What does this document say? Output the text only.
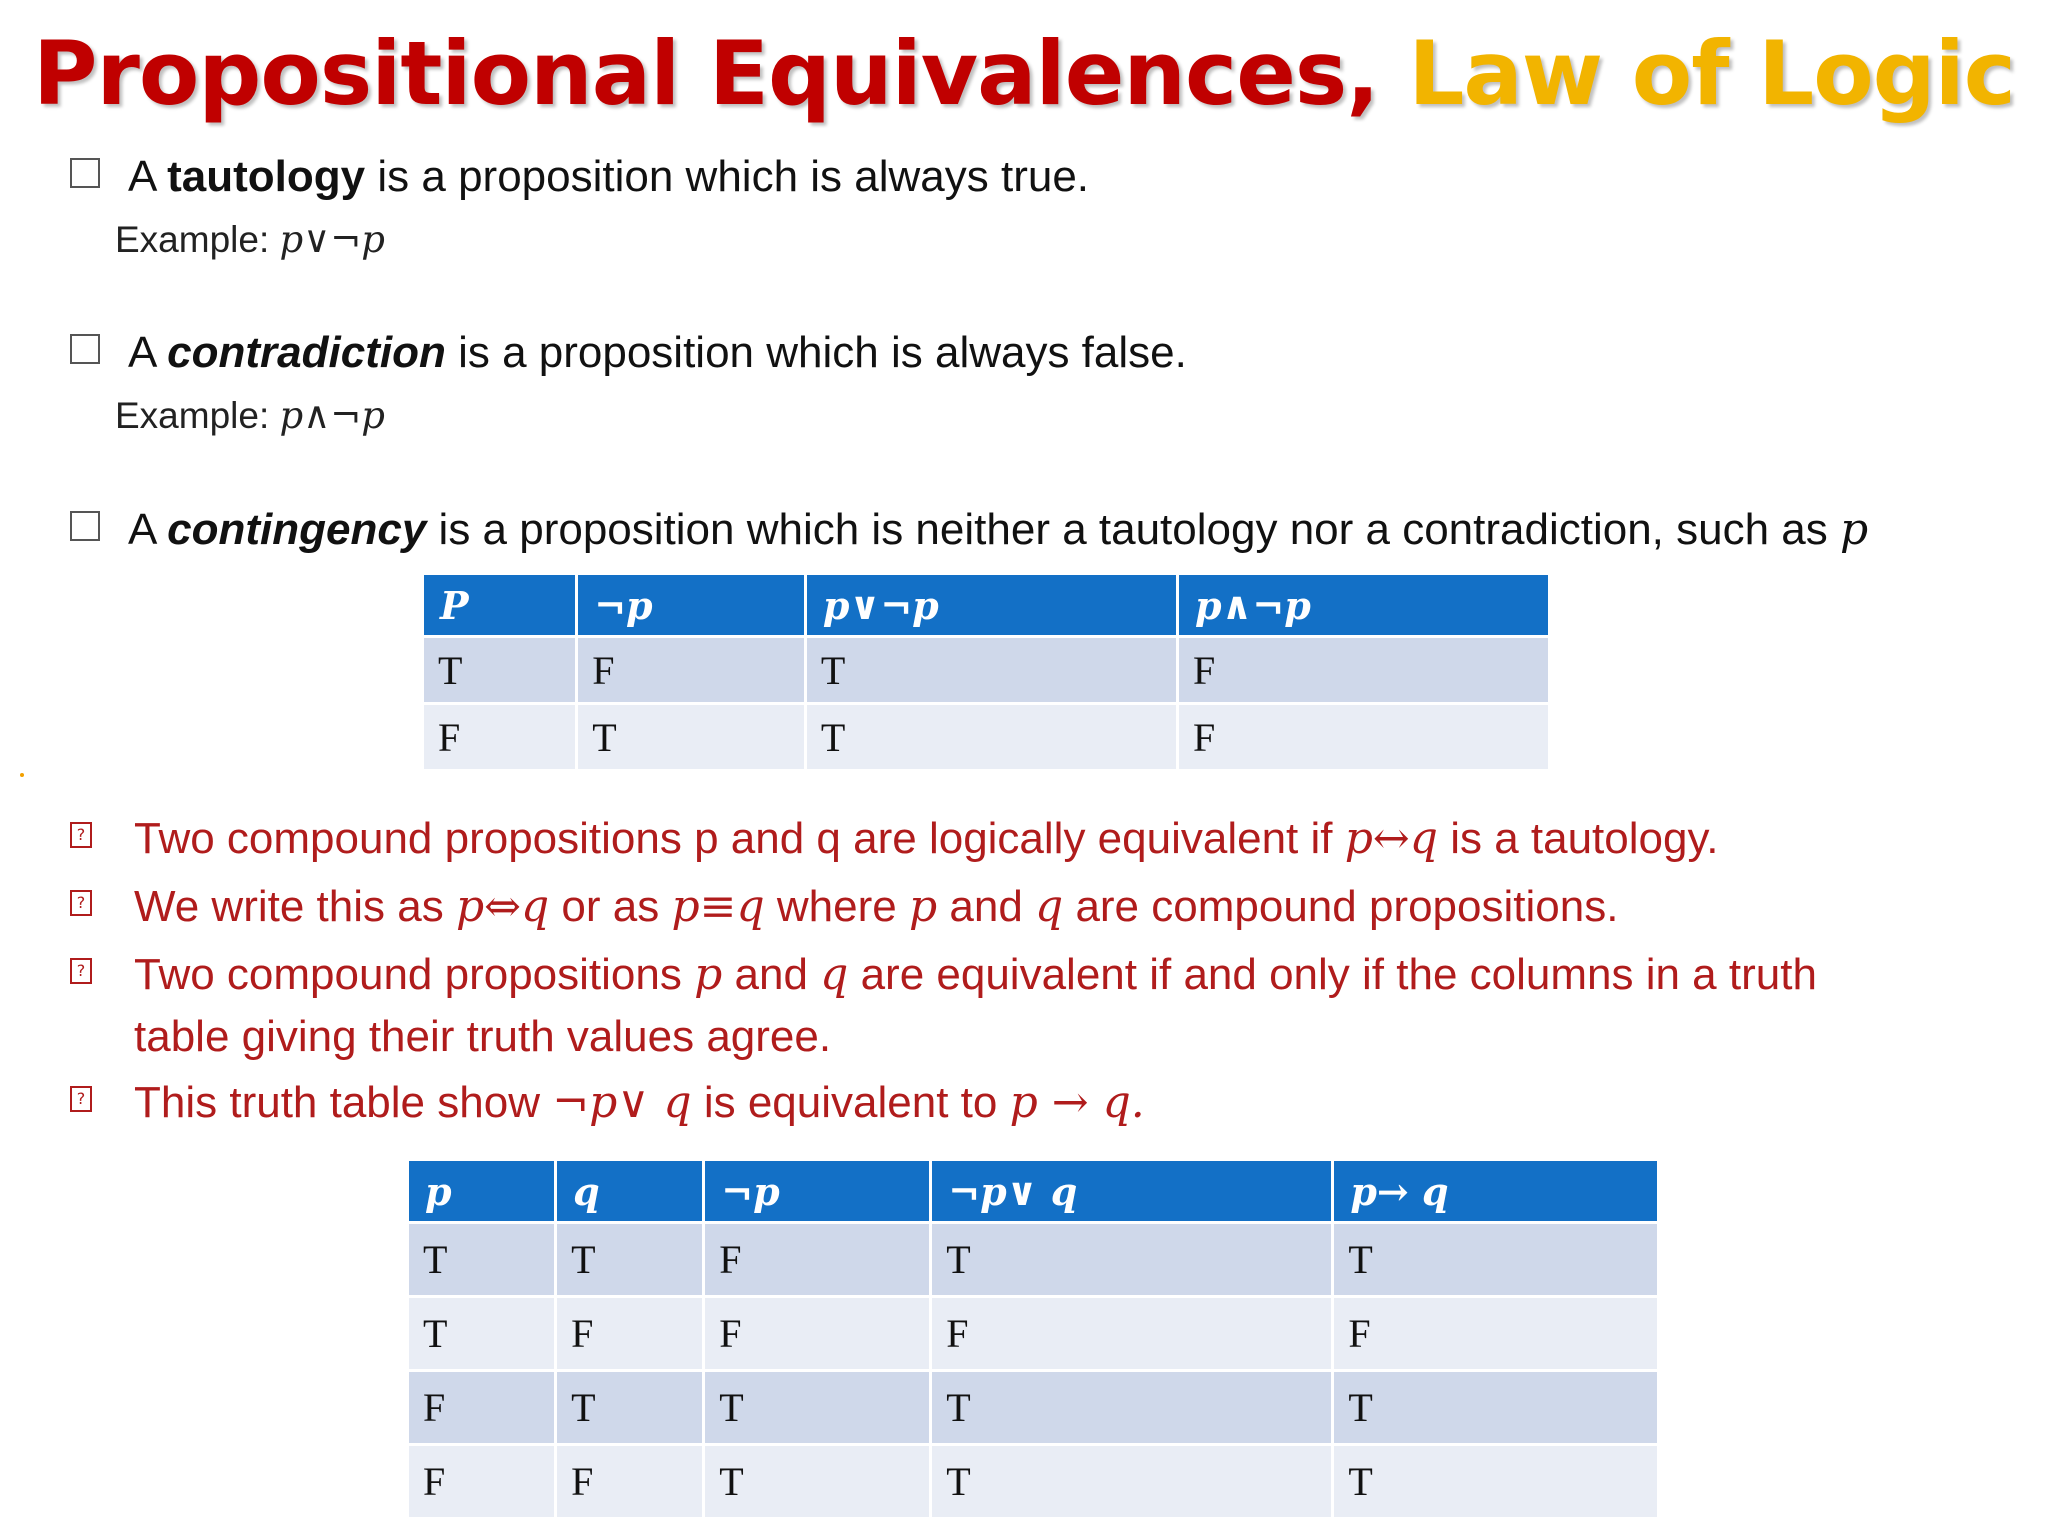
Propositional Equivalences, Law of Logic
A tautology is a proposition which is always true.
Example: p∨¬p
A contradiction is a proposition which is always false.
Example: p∧¬p
A contingency is a proposition which is neither a tautology nor a contradiction, such as p
P	¬p	p∨¬p	p∧¬p
T	F	T	F
F	T	T	F
? Two compound propositions p and q are logically equivalent if p↔q is a tautology.
? We write this as p⇔q or as p≡q where p and q are compound propositions.
? Two compound propositions p and q are equivalent if and only if the columns in a truth
table giving their truth values agree.
? This truth table show ¬p∨ q is equivalent to p → q.
p	q	¬p	¬p∨ q	p→ q
T	T	F	T	T
T	F	F	F	F
F	T	T	T	T
F	F	T	T	T
